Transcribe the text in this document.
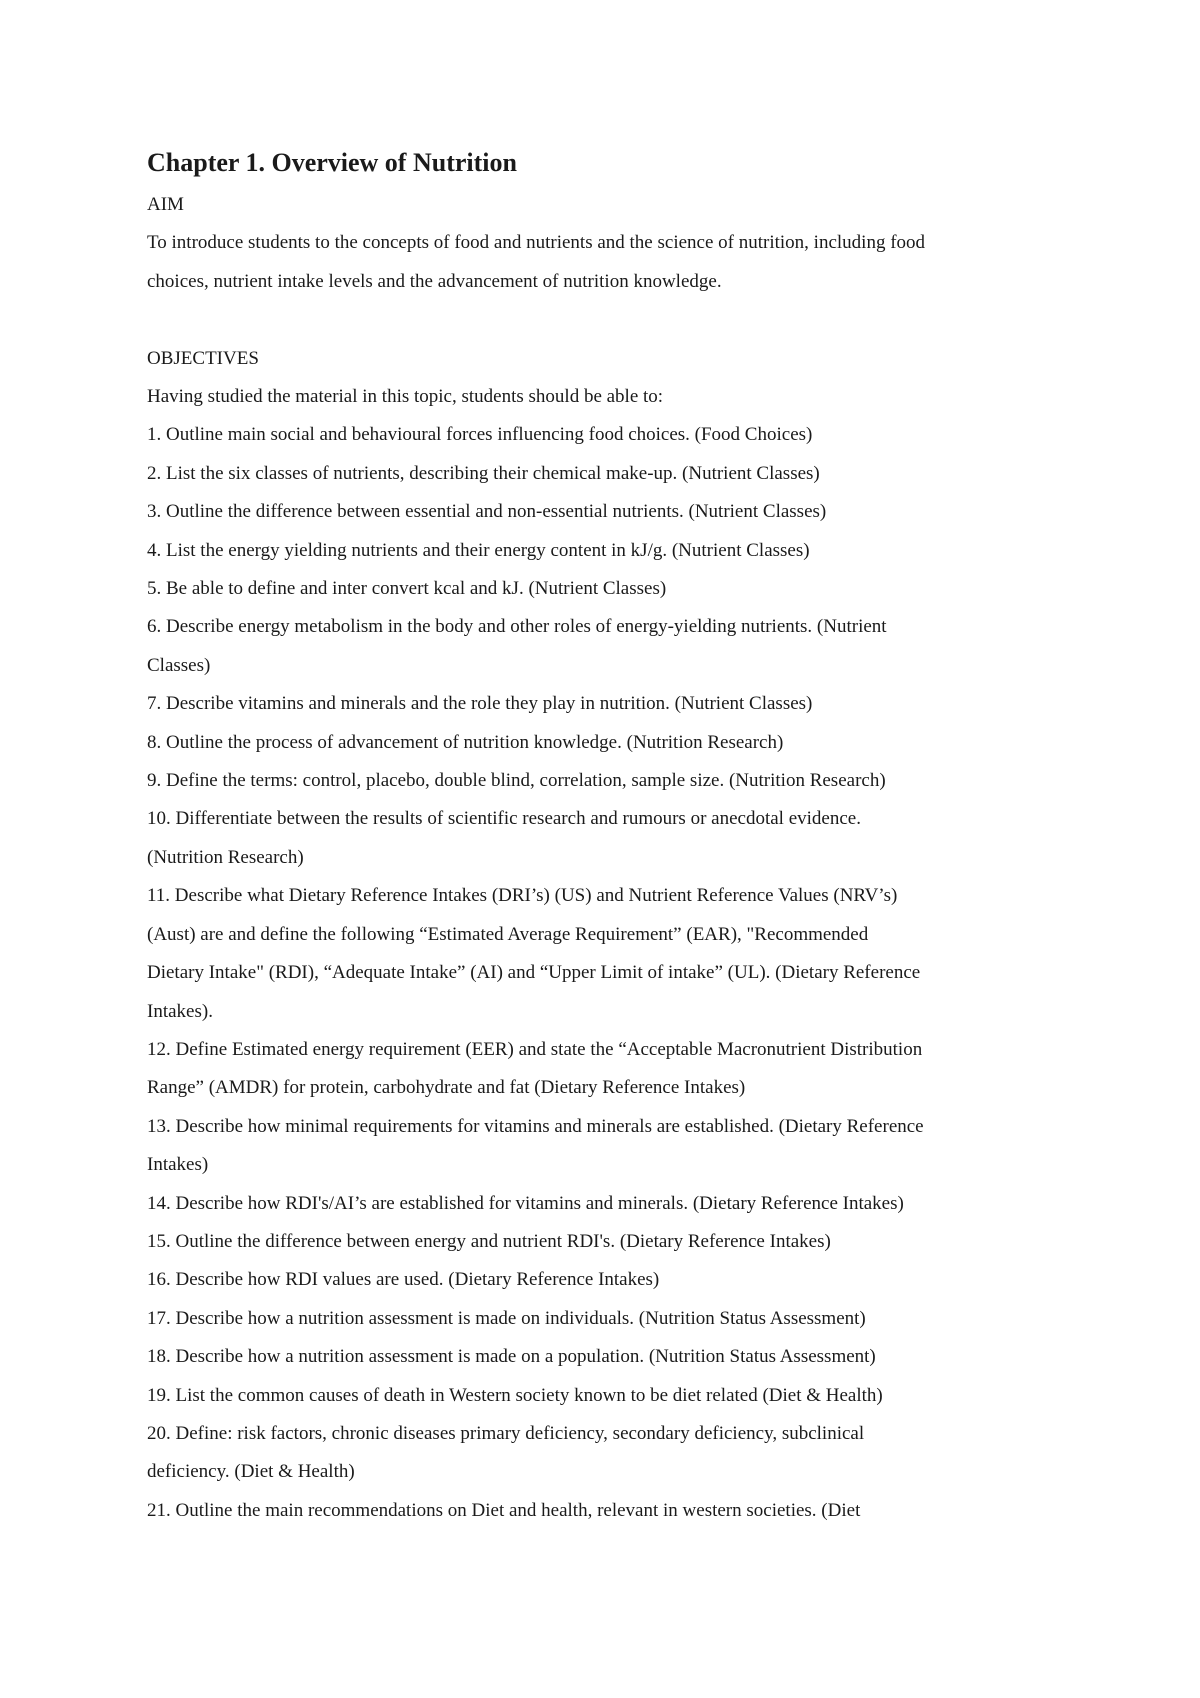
Chapter 1. Overview of Nutrition

AIM

To introduce students to the concepts of food and nutrients and the science of nutrition, including food

choices, nutrient intake levels and the advancement of nutrition knowledge.

OBJECTIVES

Having studied the material in this topic, students should be able to:

1. Outline main social and behavioural forces influencing food choices. (Food Choices)
2. List the six classes of nutrients, describing their chemical make-up. (Nutrient Classes)
3. Outline the difference between essential and non-essential nutrients. (Nutrient Classes)
4. List the energy yielding nutrients and their energy content in kJ/g. (Nutrient Classes)
5. Be able to define and inter convert kcal and kJ. (Nutrient Classes)
6. Describe energy metabolism in the body and other roles of energy-yielding nutrients. (Nutrient
Classes)
7. Describe vitamins and minerals and the role they play in nutrition. (Nutrient Classes)
8. Outline the process of advancement of nutrition knowledge. (Nutrition Research)
9. Define the terms: control, placebo, double blind, correlation, sample size. (Nutrition Research)
10. Differentiate between the results of scientific research and rumours or anecdotal evidence.
(Nutrition Research)
11. Describe what Dietary Reference Intakes (DRI’s) (US) and Nutrient Reference Values (NRV’s)
(Aust) are and define the following “Estimated Average Requirement” (EAR), "Recommended
Dietary Intake" (RDI), “Adequate Intake” (AI) and “Upper Limit of intake” (UL). (Dietary Reference
Intakes).
12. Define Estimated energy requirement (EER) and state the “Acceptable Macronutrient Distribution
Range” (AMDR) for protein, carbohydrate and fat (Dietary Reference Intakes)
13. Describe how minimal requirements for vitamins and minerals are established. (Dietary Reference
Intakes)
14. Describe how RDI's/AI’s are established for vitamins and minerals. (Dietary Reference Intakes)
15. Outline the difference between energy and nutrient RDI's. (Dietary Reference Intakes)
16. Describe how RDI values are used. (Dietary Reference Intakes)
17. Describe how a nutrition assessment is made on individuals. (Nutrition Status Assessment)
18. Describe how a nutrition assessment is made on a population. (Nutrition Status Assessment)
19. List the common causes of death in Western society known to be diet related (Diet & Health)
20. Define: risk factors, chronic diseases primary deficiency, secondary deficiency, subclinical
deficiency. (Diet & Health)
21. Outline the main recommendations on Diet and health, relevant in western societies. (Diet
